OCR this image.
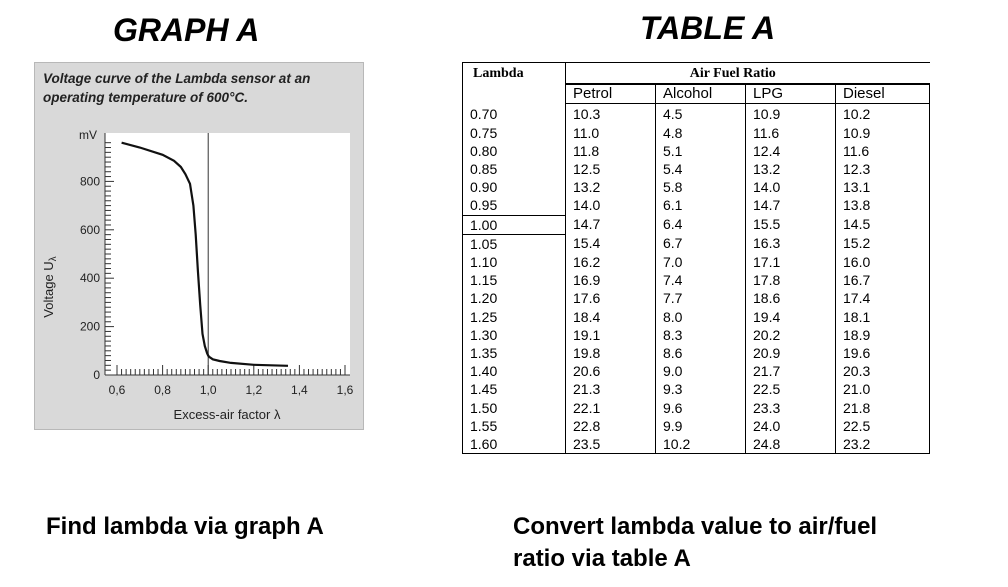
GRAPH A	TABLE A
Voltage curve of the Lambda sensor at an operating temperature of 600°C.
0
200
400
600
800
0,6 0,8 1,0 1,2 1,4 1,6
Voltage $U_\lambda$
Excess-air factor λ
mV
Lambda	Air Fuel Ratio			
	Petrol	Alcohol	LPG	Diesel
0.70	10.3	4.5	10.9	10.2
0.75	11.0	4.8	11.6	10.9
0.80	11.8	5.1	12.4	11.6
0.85	12.5	5.4	13.2	12.3
0.90	13.2	5.8	14.0	13.1
0.95	14.0	6.1	14.7	13.8
1.00	14.7	6.4	15.5	14.5
1.05	15.4	6.7	16.3	15.2
1.10	16.2	7.0	17.1	16.0
1.15	16.9	7.4	17.8	16.7
1.20	17.6	7.7	18.6	17.4
1.25	18.4	8.0	19.4	18.1
1.30	19.1	8.3	20.2	18.9
1.35	19.8	8.6	20.9	19.6
1.40	20.6	9.0	21.7	20.3
1.45	21.3	9.3	22.5	21.0
1.50	22.1	9.6	23.3	21.8
1.55	22.8	9.9	24.0	22.5
1.60	23.5	10.2	24.8	23.2
Find lambda via graph A	Convert lambda value to air/fuel ratio via table A
